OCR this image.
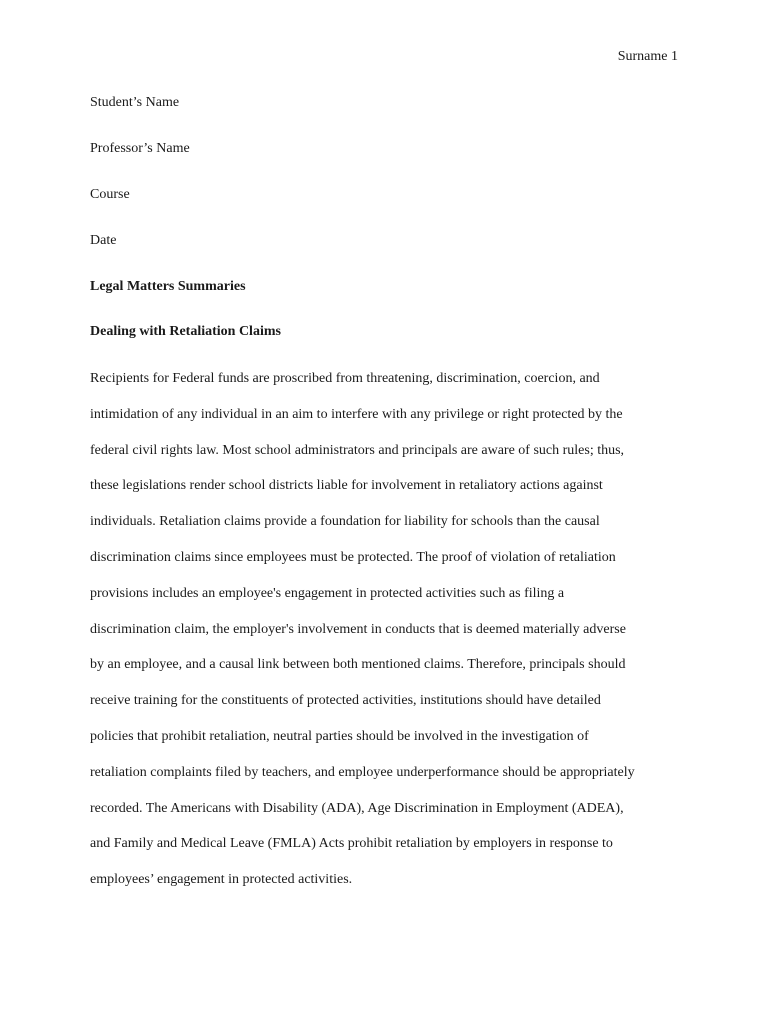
Surname 1
Student’s Name
Professor’s Name
Course
Date
Legal Matters Summaries
Dealing with Retaliation Claims
Recipients for Federal funds are proscribed from threatening, discrimination, coercion, and
intimidation of any individual in an aim to interfere with any privilege or right protected by the
federal civil rights law. Most school administrators and principals are aware of such rules; thus,
these legislations render school districts liable for involvement in retaliatory actions against
individuals. Retaliation claims provide a foundation for liability for schools than the causal
discrimination claims since employees must be protected. The proof of violation of retaliation
provisions includes an employee's engagement in protected activities such as filing a
discrimination claim, the employer's involvement in conducts that is deemed materially adverse
by an employee, and a causal link between both mentioned claims. Therefore, principals should
receive training for the constituents of protected activities, institutions should have detailed
policies that prohibit retaliation, neutral parties should be involved in the investigation of
retaliation complaints filed by teachers, and employee underperformance should be appropriately
recorded. The Americans with Disability (ADA), Age Discrimination in Employment (ADEA),
and Family and Medical Leave (FMLA) Acts prohibit retaliation by employers in response to
employees’ engagement in protected activities.
